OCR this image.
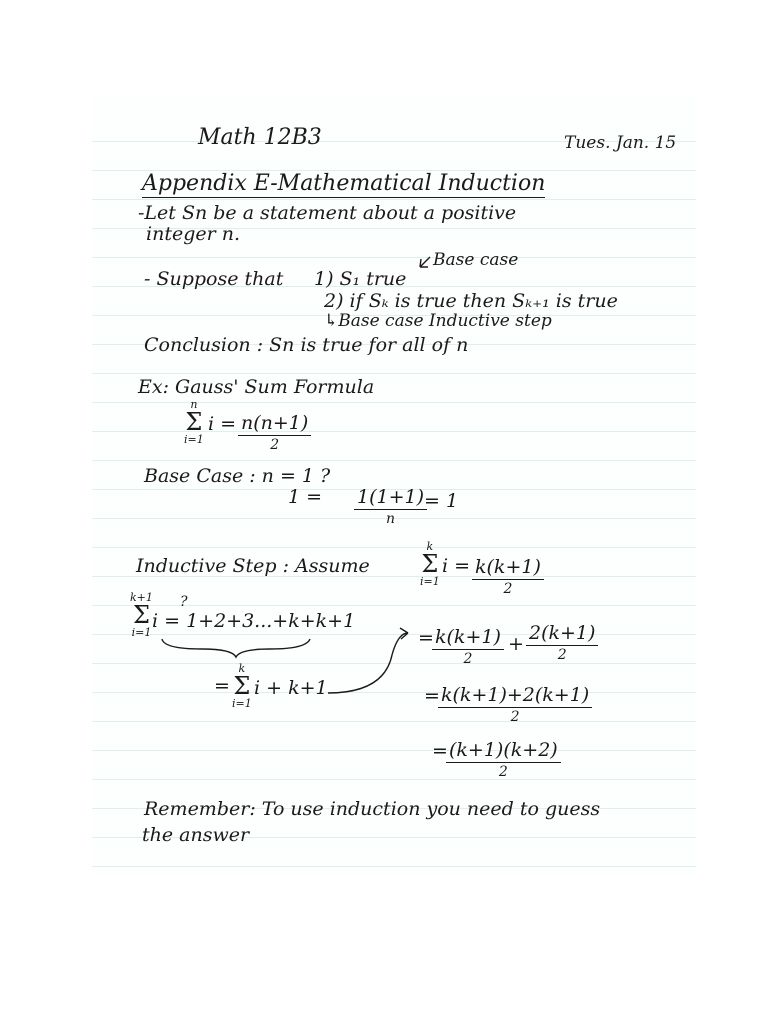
Math 12B3	Tues. Jan. 15
Appendix E-Mathematical Induction
-Let Sn be a statement about a positive
integer n.
Base case
- Suppose that 1) S₁ true
2) if Sₖ is true then Sₖ₊₁ is true
↳Base case Inductive step
Conclusion : Sn is true for all of n
Ex: Gauss' Sum Formula
n
Σ
i=1
i = n(n+1)
2
Base Case : n = 1 ?
1 = 1(1+1)
n
= 1
Inductive Step : Assume
k
Σ
i=1
i = k(k+1)
2
k+1
Σ
i=1
?
i = 1+2+3...+k+k+1
=
k
Σ
i=1
i + k+1
= k(k+1)
2
+ 2(k+1)
2
= k(k+1)+2(k+1)
2
= (k+1)(k+2)
2
Remember: To use induction you need to guess
the answer
